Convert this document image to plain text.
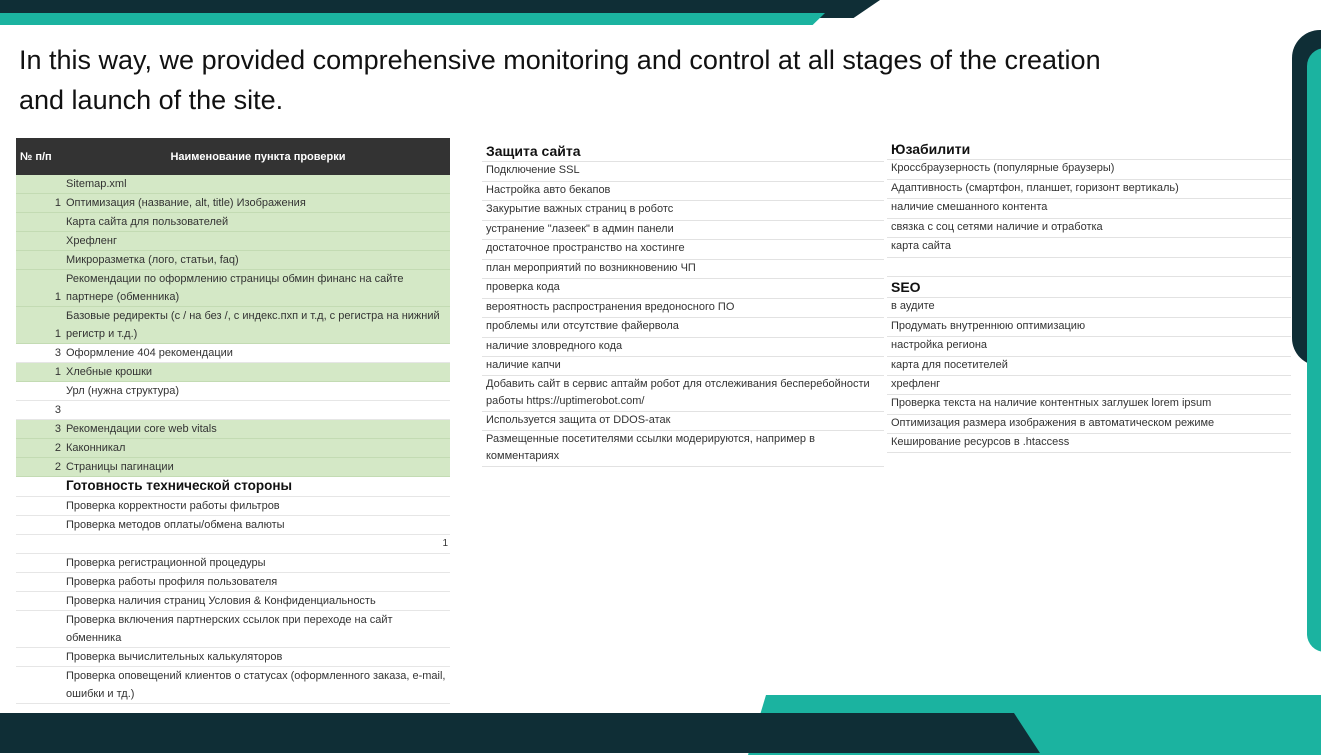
In this way, we provided comprehensive monitoring and control at all stages of the creation and launch of the site.
№ п/п	Наименование пункта проверки
Sitemap.xml
1 Оптимизация (название, alt, title) Изображения
Карта сайта для пользователей
Хрефленг
Микроразметка (лого, статьи, faq)
1
Рекомендации по оформлению страницы обмин финанс на сайте партнере (обменника)
1
Базовые редиректы (с / на без /, с индекс.пхп и т.д, с регистра на нижний регистр и т.д.)
3 Оформление 404 рекомендации
1 Хлебные крошки
Урл (нужна структура)
3
3 Рекомендации core web vitals
2 Каконникал
2 Страницы пагинации
Готовность технической стороны
Проверка корректности работы фильтров
Проверка методов оплаты/обмена валюты
1
Проверка регистрационной процедуры
Проверка работы профиля пользователя
Проверка наличия страниц Условия & Конфиденциальность
Проверка включения партнерских ссылок при переходе на сайт обменника
Проверка вычислительных калькуляторов
Проверка оповещений клиентов о статусах (оформленного заказа, e-mail, ошибки и тд.)
Защита сайта
Подключение SSL
Настройка авто бекапов
Закурытие важных страниц в роботс
устранение "лазеек" в админ панели
достаточное пространство на хостинге
план мероприятий по возникновению ЧП
проверка кода
вероятность распространения вредоносного ПО
проблемы или отсутствие файервола
наличие зловредного кода
наличие капчи
Добавить сайт в сервис аптайм робот для отслеживания бесперебойности работы https://uptimerobot.com/
Используется защита от DDOS-атак
Размещенные посетителями ссылки модерируются, например в комментариях
Юзабилити
Кроссбраузерность (популярные браузеры)
Адаптивность (смартфон, планшет, горизонт вертикаль)
наличие смешанного контента
связка с соц сетями наличие и отработка
карта сайта
SEO
в аудите
Продумать внутреннюю оптимизацию
настройка региона
карта для посетителей
хрефленг
Проверка текста на наличие контентных заглушек lorem ipsum
Оптимизация размера изображения в автоматическом режиме
Кеширование ресурсов в .htaccess
